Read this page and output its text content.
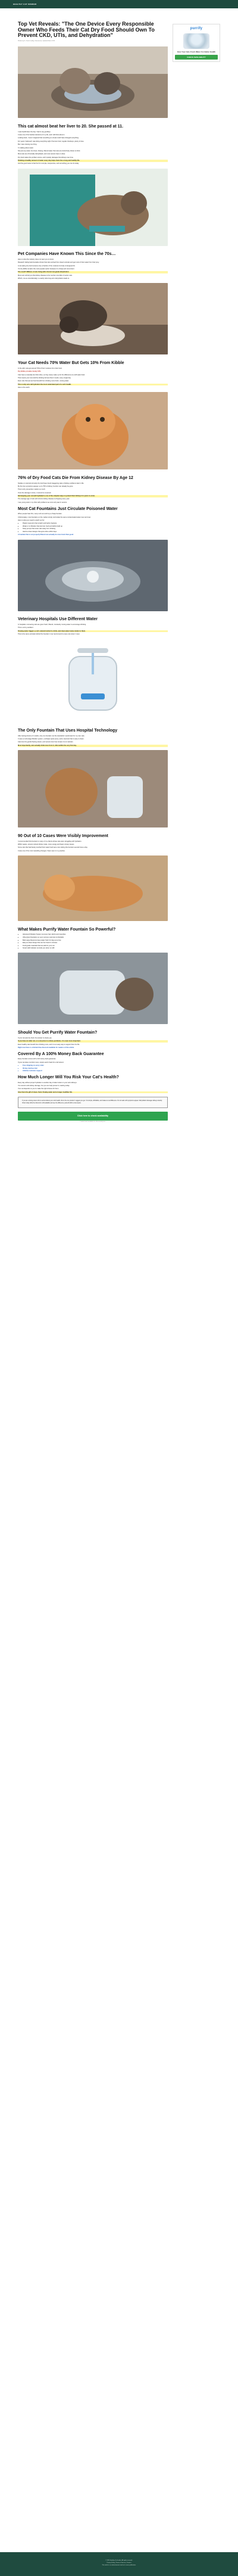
HEALTHY CAT INSIDER
Top Vet Reveals: "The One Device Every Responsible Owner Who Feeds Their Cat Dry Food Should Own To Prevent CKD, UTIs, and Dehydration"
Written by Dr. Sarah Lindley, Veterinarian | Updated March 2024
This cat almost beat her liver to 20. She passed at 11.

I was heartbroken the day I had to say goodbye.

It was one of the hardest decisions of my life, and I still think about it.

Looking back, I never imagined that something so simple could have changed everything.

For years I believed I was doing everything right. Premium food, regular checkups, plenty of love.

But I was missing one thing.

I'm talking about water.

Not just any water, but clean, flowing, filtered water that cats are instinctively drawn to drink.

Most cats are chronically dehydrated, and most owners have no idea.

Dry food makes the problem worse, and it quietly damages the kidneys over time.

Drinking a healthy amount of water every day helps them live a long and healthy life.

And the good news is that the fix is simple, inexpensive, and something you can do today.

Pet Companies Have Known This Since the 70s…

Here is what the industry does not want you to know.

Research dating back decades shows that cats evolved from desert animals and get most of their water from their prey.

A cat eating dry food receives only a fraction of the moisture its body is designed for.

Yet dry kibble remains the most popular option because it is cheap and convenient.

The result? Millions of cats living with chronic low-grade dehydration.

Most vets will tell you that kidney disease is the number one killer of senior cats.

Which, not-so-coincidentally, is exactly what long-term dehydration leads to.

Your Cat Needs 70% Water But Gets 10% From Kibble

In the wild, cats get around 70% of their moisture from their food.

Dry kibble provides barely 10%.

Cats have a naturally low thirst drive, so they rarely make up for the difference at a still water bowl.

That means your cat could be drinking far less than it needs, every single day.

Even cats that eat wet food benefit from drinking more fresh, moving water.

This is why vets call hydration the most underrated part of a cat's health.

Here is the catch.

76% of Dry Food Cats Die From Kidney Disease By Age 12

Studies on cats fed primarily dry food have found staggering rates of kidney problems later in life.

By the time symptoms appear, up to 75% of kidney function can already be gone.

That is why prevention matters so much.

Once the damage is done, it cannot be reversed.

But keeping your cat well hydrated is one of the simplest ways to protect their kidneys for years to come.

The average age of cats with chronic kidney disease is dropping every year.

I see young cats in my clinic with problems we once only saw in seniors.

Most Cat Fountains Just Circulate Poisoned Water

When people hear this, many rush out and buy a cheap fountain.

Unfortunately, most fountains on the market simply recirculate the same contaminated water over and over.

Here is what you need to watch out for:

• Plastic reservoirs that scratch and harbor bacteria
• Weak or no filtration that lets hair, food and debris build up
• Noisy pumps that scare cats away from drinking
• Hard-to-clean designs that grow slime within days

A fountain that is not properly filtered can actually do more harm than good.

Veterinary Hospitals Use Different Water

In hospitals, recovering cats are given fresh, filtered, constantly moving water to encourage drinking.

This is not by accident.

Flowing water triggers a cat's natural instinct to drink, and clean water tastes better to them.

That is the same principle behind the fountain I now recommend to every cat owner I meet.

The Only Fountain That Uses Hospital Technology

After testing dozens of models, only one fountain met the standards I would want for my own cats.

It uses a multi-stage filtration system, a whisper-quiet pump, and a reservoir that is easy to clean.

Cats love the gentle flowing stream, and owners love how simple it is to maintain.

Most importantly, cats actually drink more from it, often within the very first day.

90 Out of 10 Cases Were Visibly Improvement

I recommended this fountain to many of my clients whose cats were struggling with hydration.

Within weeks, owners noticed shinier coats, more energy and fewer urinary issues.

Some cats that had barely touched their water bowl were now visiting the fountain several times a day.

It was one of the most rewarding changes I have seen in my practice.

What Makes Purrify Water Fountain So Powerful?
• Advanced Filtration System removes hair, debris and impurities
• Ultra-Quiet Operation so even nervous cats feel comfortable
• Bulk Large Reserves keep water fresh for days at a time
• Easy-to-clean design that can be rinsed in minutes
• Food-grade materials that are safe for your cat
• Smart LED indicator reminds you when to refill
Should You Get Purrify Water Fountain?

If your cat eats dry food, the answer is simply yes.

If you have an older cat, or a cat prone to urinary problems, it is even more important.

Even healthy cats benefit from drinking more, and it is an easy way to support them for life.

Right now there is a limited time discount available for readers of this article.

Covered By A 100% Money Back Guarantee

Every fountain comes with a full money back guarantee.

If your cat does not drink more, simply send it back for a full refund.

• Free shipping on every order
• 30 day risk-free trial
• Lifetime customer support
How Much Longer Will You Risk Your Cat's Health?

Every day without proper hydration is another day of silent strain on your cat's kidneys.

You cannot undo kidney damage, but you can help prevent it, starting today.

Your cat depends on you to make the right choices for them.

Give them the gift of clean, fresh, flowing water and a longer, healthier life.

If you are a loving owner who is worried about your cat's health, this is the one product I suggest you get. It is simple, affordable, and makes a real difference. Do not wait until symptoms appear. Dehydration damages kidneys silently. Order today while the discount is still available and see the difference yourself within a few weeks.
Click here to check availability
Limited stock available at a discounted price
purrify
Give Your Cats Fresh Water For Better Health
CHECK AVAILABILITY
© 2024 Healthy Cat Insider. All rights reserved.
Privacy Policy | Terms of Service | Contact
This article is an advertisement and not a news publication.
